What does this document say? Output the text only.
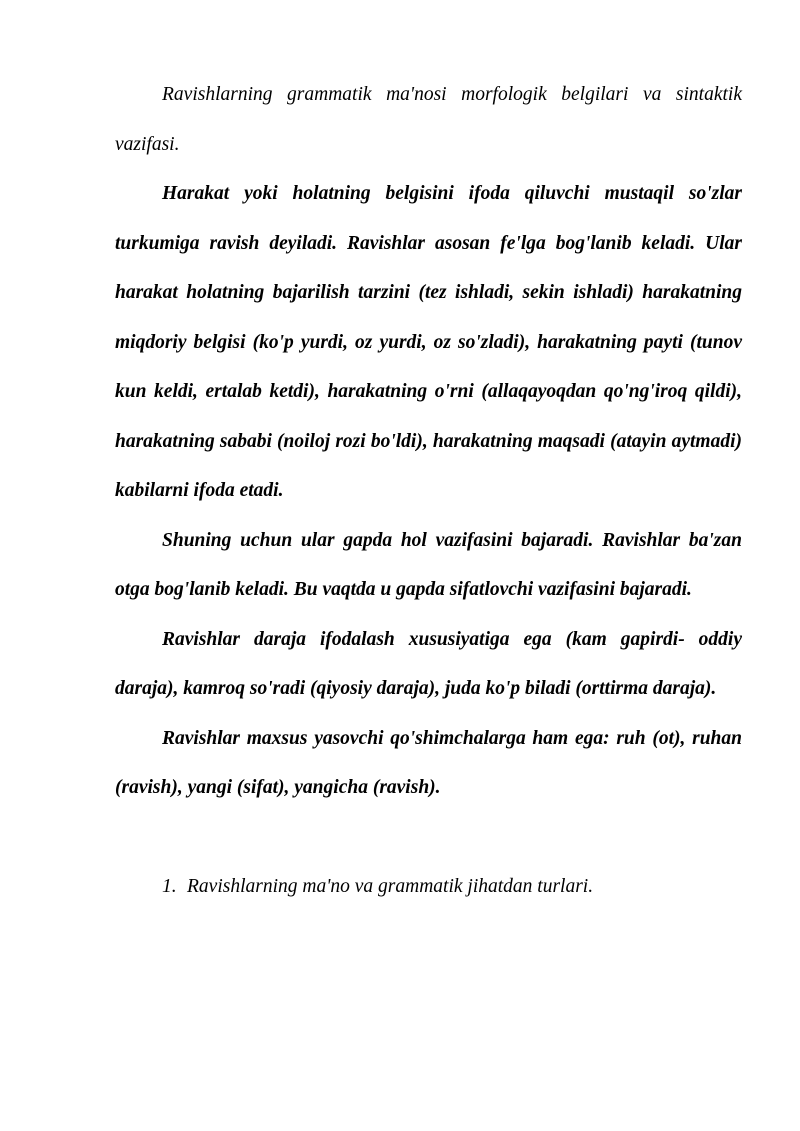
Ravishlarning grammatik ma'nosi morfologik belgilari va sintaktik vazifasi.

Harakat yoki holatning belgisini ifoda qiluvchi mustaqil so'zlar turkumiga ravish deyiladi. Ravishlar asosan fe'lga bog'lanib keladi. Ular harakat holatning bajarilish tarzini (tez ishladi, sekin ishladi) harakatning miqdoriy belgisi (ko'p yurdi, oz yurdi, oz so'zladi), harakatning payti (tunov kun keldi, ertalab ketdi), harakatning o'rni (allaqayoqdan qo'ng'iroq qildi), harakatning sababi (noiloj rozi bo'ldi), harakatning maqsadi (atayin aytmadi) kabilarni ifoda etadi.

Shuning uchun ular gapda hol vazifasini bajaradi. Ravishlar ba'zan otga bog'lanib keladi. Bu vaqtda u gapda sifatlovchi vazifasini bajaradi.

Ravishlar daraja ifodalash xususiyatiga ega (kam gapirdi- oddiy daraja), kamroq so'radi (qiyosiy daraja), juda ko'p biladi (orttirma daraja).

Ravishlar maxsus yasovchi qo'shimchalarga ham ega: ruh (ot), ruhan (ravish), yangi (sifat), yangicha (ravish).

1. Ravishlarning ma'no va grammatik jihatdan turlari.
